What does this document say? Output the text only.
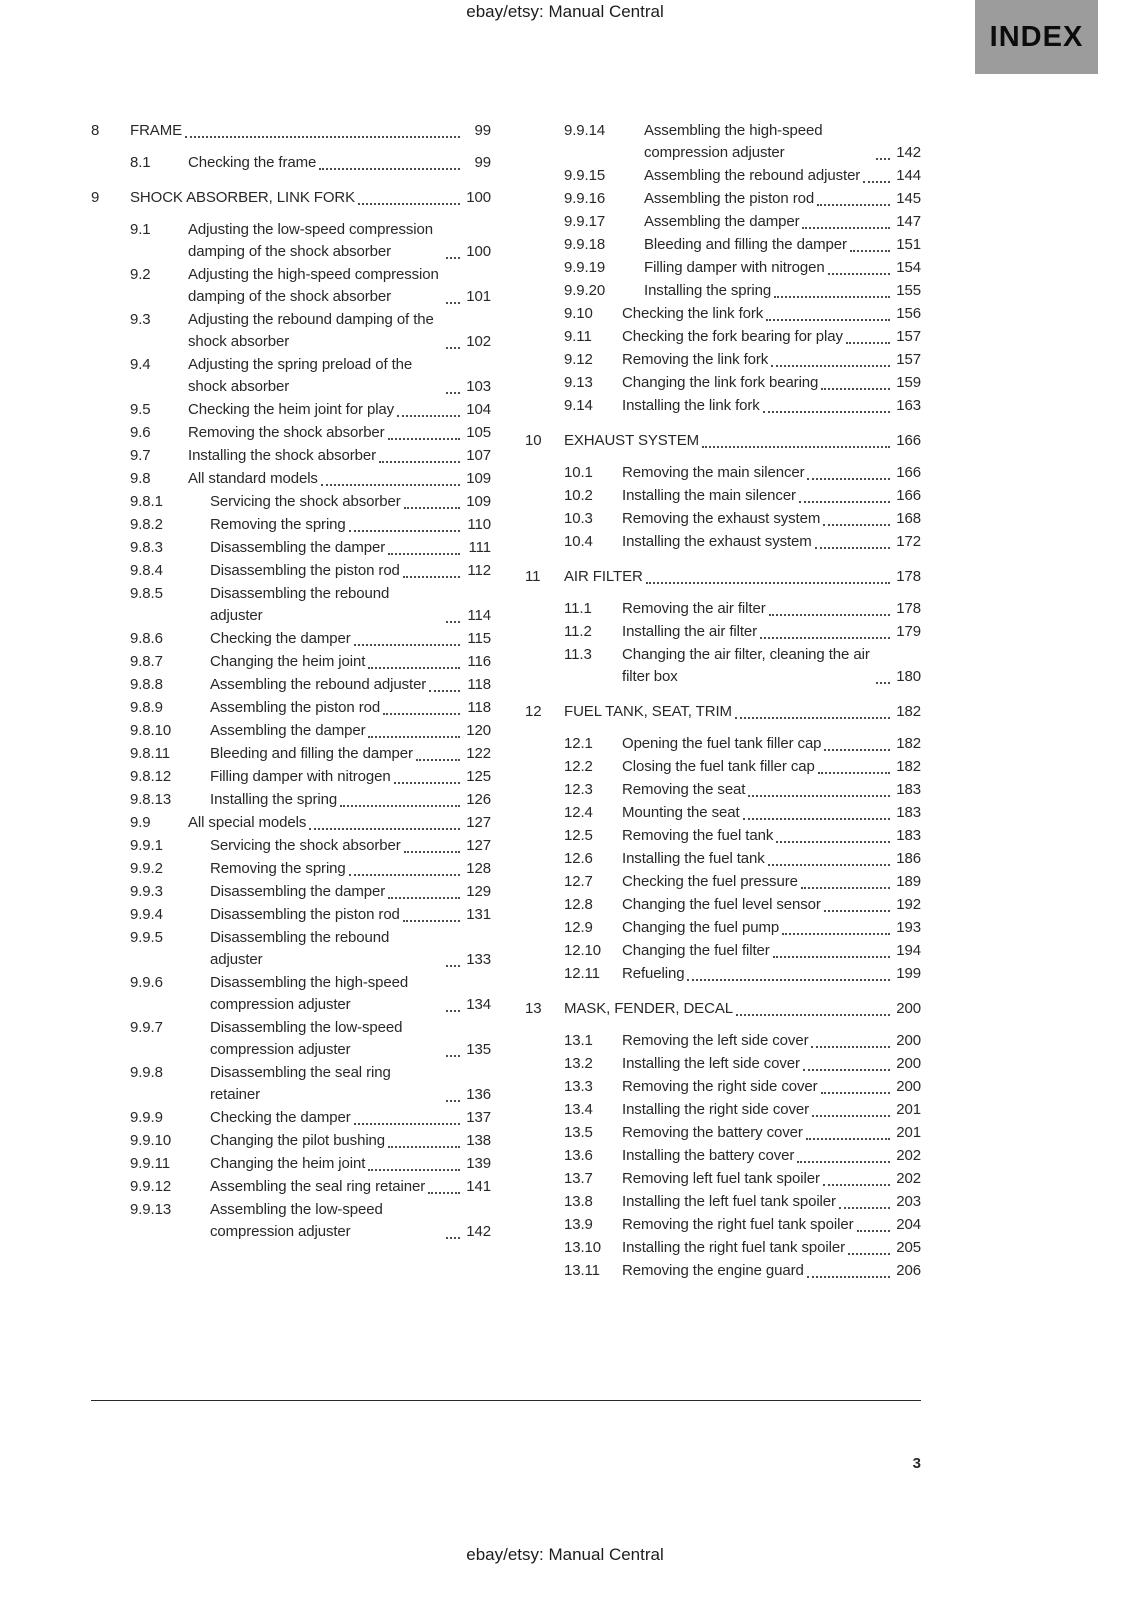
ebay/etsy: Manual Central
INDEX
8	FRAME	99
8.1	Checking the frame	99
9	SHOCK ABSORBER, LINK FORK	100
9.1	Adjusting the low-speed compression damping of the shock absorber	100
9.2	Adjusting the high-speed compression damping of the shock absorber	101
9.3	Adjusting the rebound damping of the shock absorber	102
9.4	Adjusting the spring preload of the shock absorber	103
9.5	Checking the heim joint for play	104
9.6	Removing the shock absorber	105
9.7	Installing the shock absorber	107
9.8	All standard models	109
9.8.1	Servicing the shock absorber	109
9.8.2	Removing the spring	110
9.8.3	Disassembling the damper	111
9.8.4	Disassembling the piston rod	112
9.8.5	Disassembling the rebound adjuster	114
9.8.6	Checking the damper	115
9.8.7	Changing the heim joint	116
9.8.8	Assembling the rebound adjuster	118
9.8.9	Assembling the piston rod	118
9.8.10	Assembling the damper	120
9.8.11	Bleeding and filling the damper	122
9.8.12	Filling damper with nitrogen	125
9.8.13	Installing the spring	126
9.9	All special models	127
9.9.1	Servicing the shock absorber	127
9.9.2	Removing the spring	128
9.9.3	Disassembling the damper	129
9.9.4	Disassembling the piston rod	131
9.9.5	Disassembling the rebound adjuster	133
9.9.6	Disassembling the high-speed compression adjuster	134
9.9.7	Disassembling the low-speed compression adjuster	135
9.9.8	Disassembling the seal ring retainer	136
9.9.9	Checking the damper	137
9.9.10	Changing the pilot bushing	138
9.9.11	Changing the heim joint	139
9.9.12	Assembling the seal ring retainer	141
9.9.13	Assembling the low-speed compression adjuster	142
9.9.14	Assembling the high-speed compression adjuster	142
9.9.15	Assembling the rebound adjuster 144
9.9.16	Assembling the piston rod	145
9.9.17	Assembling the damper	147
9.9.18	Bleeding and filling the damper	151
9.9.19	Filling damper with nitrogen	154
9.9.20	Installing the spring	155
9.10	Checking the link fork	156
9.11	Checking the fork bearing for play	157
9.12	Removing the link fork	157
9.13	Changing the link fork bearing	159
9.14	Installing the link fork	163
10	EXHAUST SYSTEM	166
10.1	Removing the main silencer	166
10.2	Installing the main silencer	166
10.3	Removing the exhaust system	168
10.4	Installing the exhaust system	172
11	AIR FILTER	178
11.1	Removing the air filter	178
11.2	Installing the air filter	179
11.3	Changing the air filter, cleaning the air filter box	180
12	FUEL TANK, SEAT, TRIM	182
12.1	Opening the fuel tank filler cap	182
12.2	Closing the fuel tank filler cap	182
12.3	Removing the seat	183
12.4	Mounting the seat	183
12.5	Removing the fuel tank	183
12.6	Installing the fuel tank	186
12.7	Checking the fuel pressure	189
12.8	Changing the fuel level sensor	192
12.9	Changing the fuel pump	193
12.10	Changing the fuel filter	194
12.11	Refueling	199
13	MASK, FENDER, DECAL	200
13.1	Removing the left side cover	200
13.2	Installing the left side cover	200
13.3	Removing the right side cover	200
13.4	Installing the right side cover	201
13.5	Removing the battery cover	201
13.6	Installing the battery cover	202
13.7	Removing left fuel tank spoiler	202
13.8	Installing the left fuel tank spoiler	203
13.9	Removing the right fuel tank spoiler	204
13.10	Installing the right fuel tank spoiler	205
13.11	Removing the engine guard	206
3
ebay/etsy: Manual Central
